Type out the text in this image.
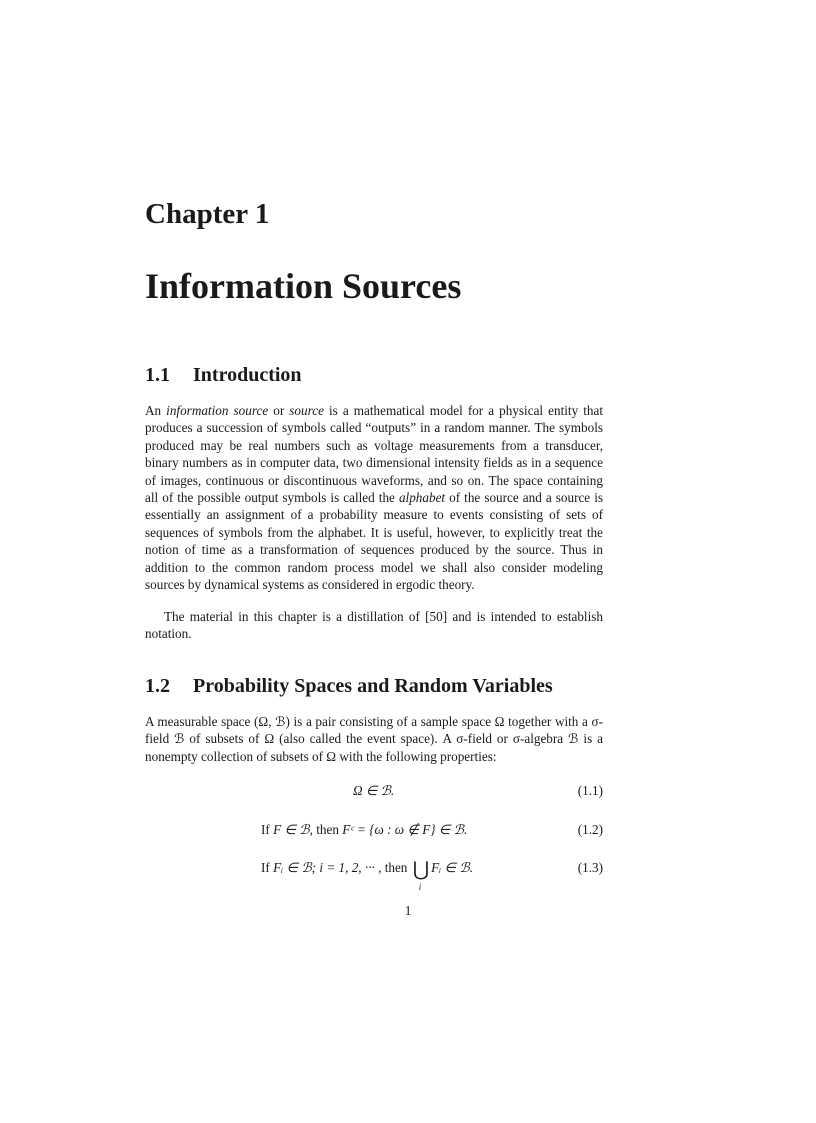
Chapter 1
Information Sources
1.1 Introduction
An information source or source is a mathematical model for a physical entity that produces a succession of symbols called “outputs” in a random manner. The symbols produced may be real numbers such as voltage measurements from a transducer, binary numbers as in computer data, two dimensional intensity fields as in a sequence of images, continuous or discontinuous waveforms, and so on. The space containing all of the possible output symbols is called the alphabet of the source and a source is essentially an assignment of a probability measure to events consisting of sets of sequences of symbols from the alphabet. It is useful, however, to explicitly treat the notion of time as a transformation of sequences produced by the source. Thus in addition to the common random process model we shall also consider modeling sources by dynamical systems as considered in ergodic theory.
The material in this chapter is a distillation of [50] and is intended to establish notation.
1.2 Probability Spaces and Random Variables
A measurable space (Ω, ℬ) is a pair consisting of a sample space Ω together with a σ-field ℬ of subsets of Ω (also called the event space). A σ-field or σ-algebra ℬ is a nonempty collection of subsets of Ω with the following properties:
Ω ∈ ℬ.	(1.1)
If F ∈ ℬ, then Fᶜ = {ω : ω ∉ F} ∈ ℬ.	(1.2)
If Fᵢ ∈ ℬ; i = 1, 2, ··· , then ⋃
i
Fᵢ ∈ ℬ.	(1.3)
1
